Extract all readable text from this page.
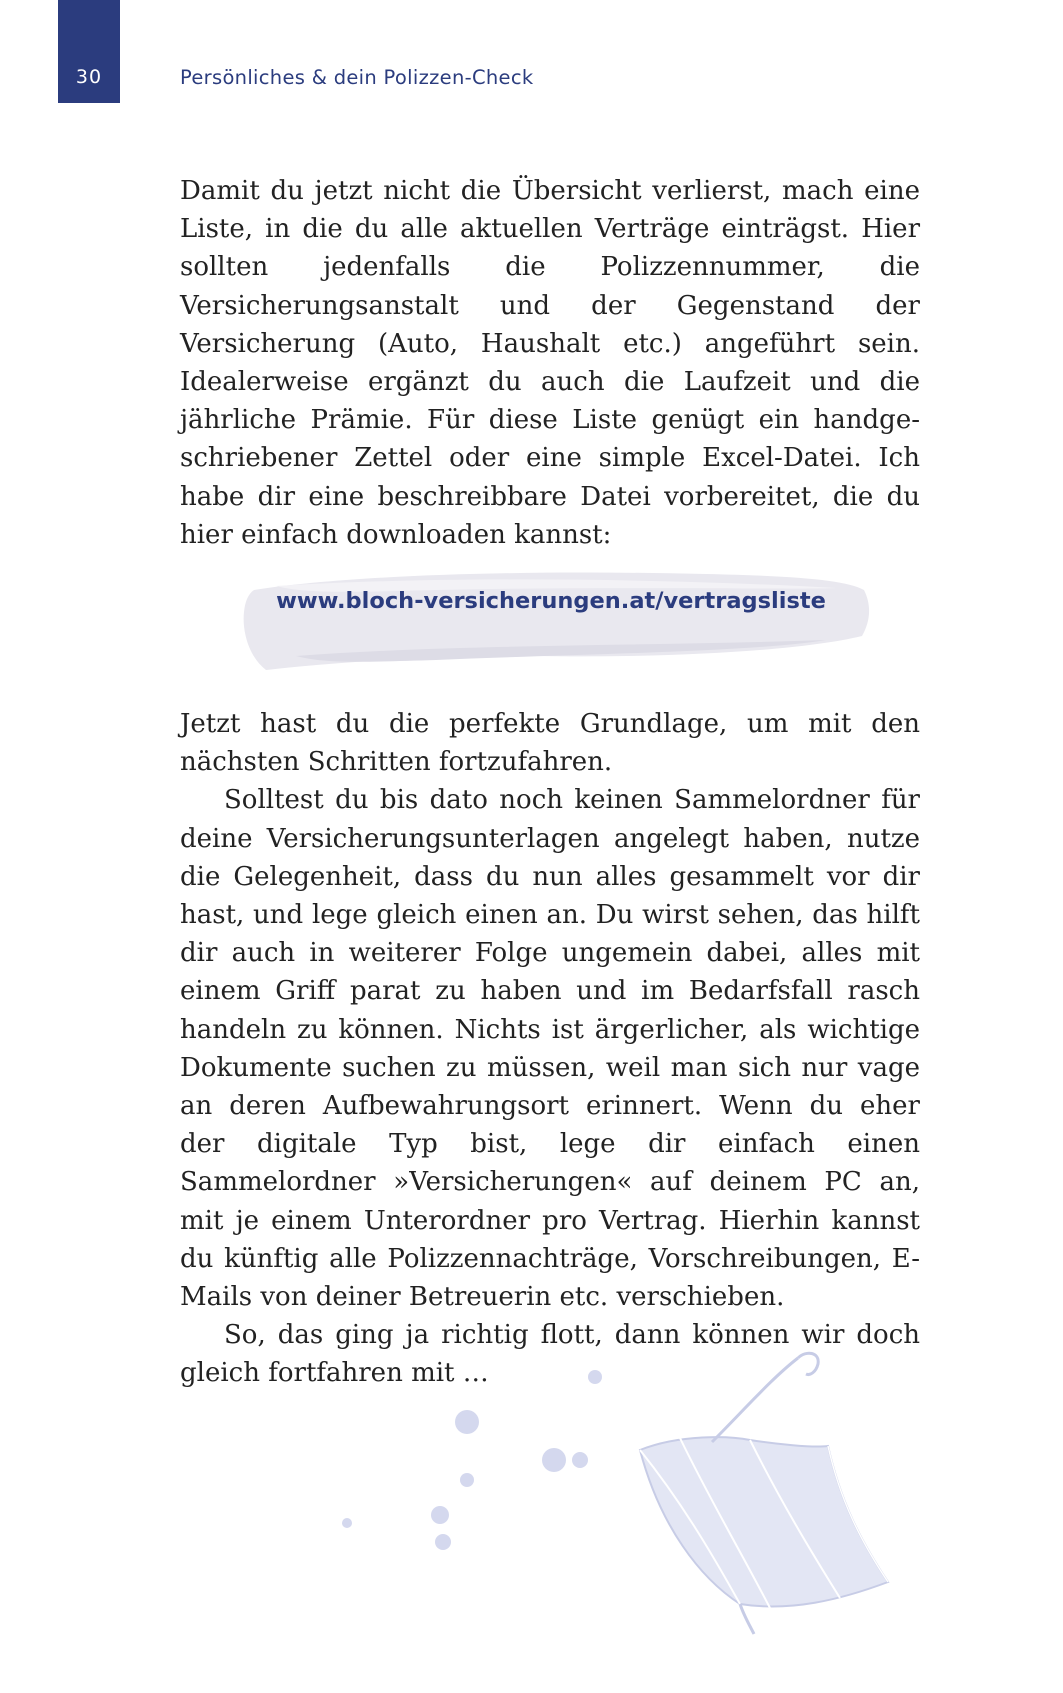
30	Persönliches & dein Polizzen-Check

Damit du jetzt nicht die Übersicht verlierst, mach eine Liste, in die du alle aktuellen Verträge einträgst. Hier sollten jedenfalls die Polizzennummer, die Versicherungsanstalt und der Gegenstand der Versicherung (Auto, Haushalt etc.) angeführt sein. Idealerweise ergänzt du auch die Laufzeit und die jährliche Prämie. Für diese Liste genügt ein handgeschriebener Zettel oder eine simple Excel-Datei. Ich habe dir eine beschreibbare Datei vorbereitet, die du hier einfach downloaden kannst:

www.bloch-versicherungen.at/vertragsliste

Jetzt hast du die perfekte Grundlage, um mit den nächsten Schritten fortzufahren.

Solltest du bis dato noch keinen Sammelordner für deine Versicherungsunterlagen angelegt haben, nutze die Gelegenheit, dass du nun alles gesammelt vor dir hast, und lege gleich einen an. Du wirst sehen, das hilft dir auch in weiterer Folge ungemein dabei, alles mit einem Griff parat zu haben und im Bedarfsfall rasch handeln zu können. Nichts ist ärgerlicher, als wichtige Dokumente suchen zu müssen, weil man sich nur vage an deren Aufbewahrungsort erinnert. Wenn du eher der digitale Typ bist, lege dir einfach einen Sammelordner »Versicherungen« auf deinem PC an, mit je einem Unterordner pro Vertrag. Hierhin kannst du künftig alle Polizzennachträge, Vorschreibungen, E-Mails von deiner Betreuerin etc. verschieben.

So, das ging ja richtig flott, dann können wir doch gleich fortfahren mit …
